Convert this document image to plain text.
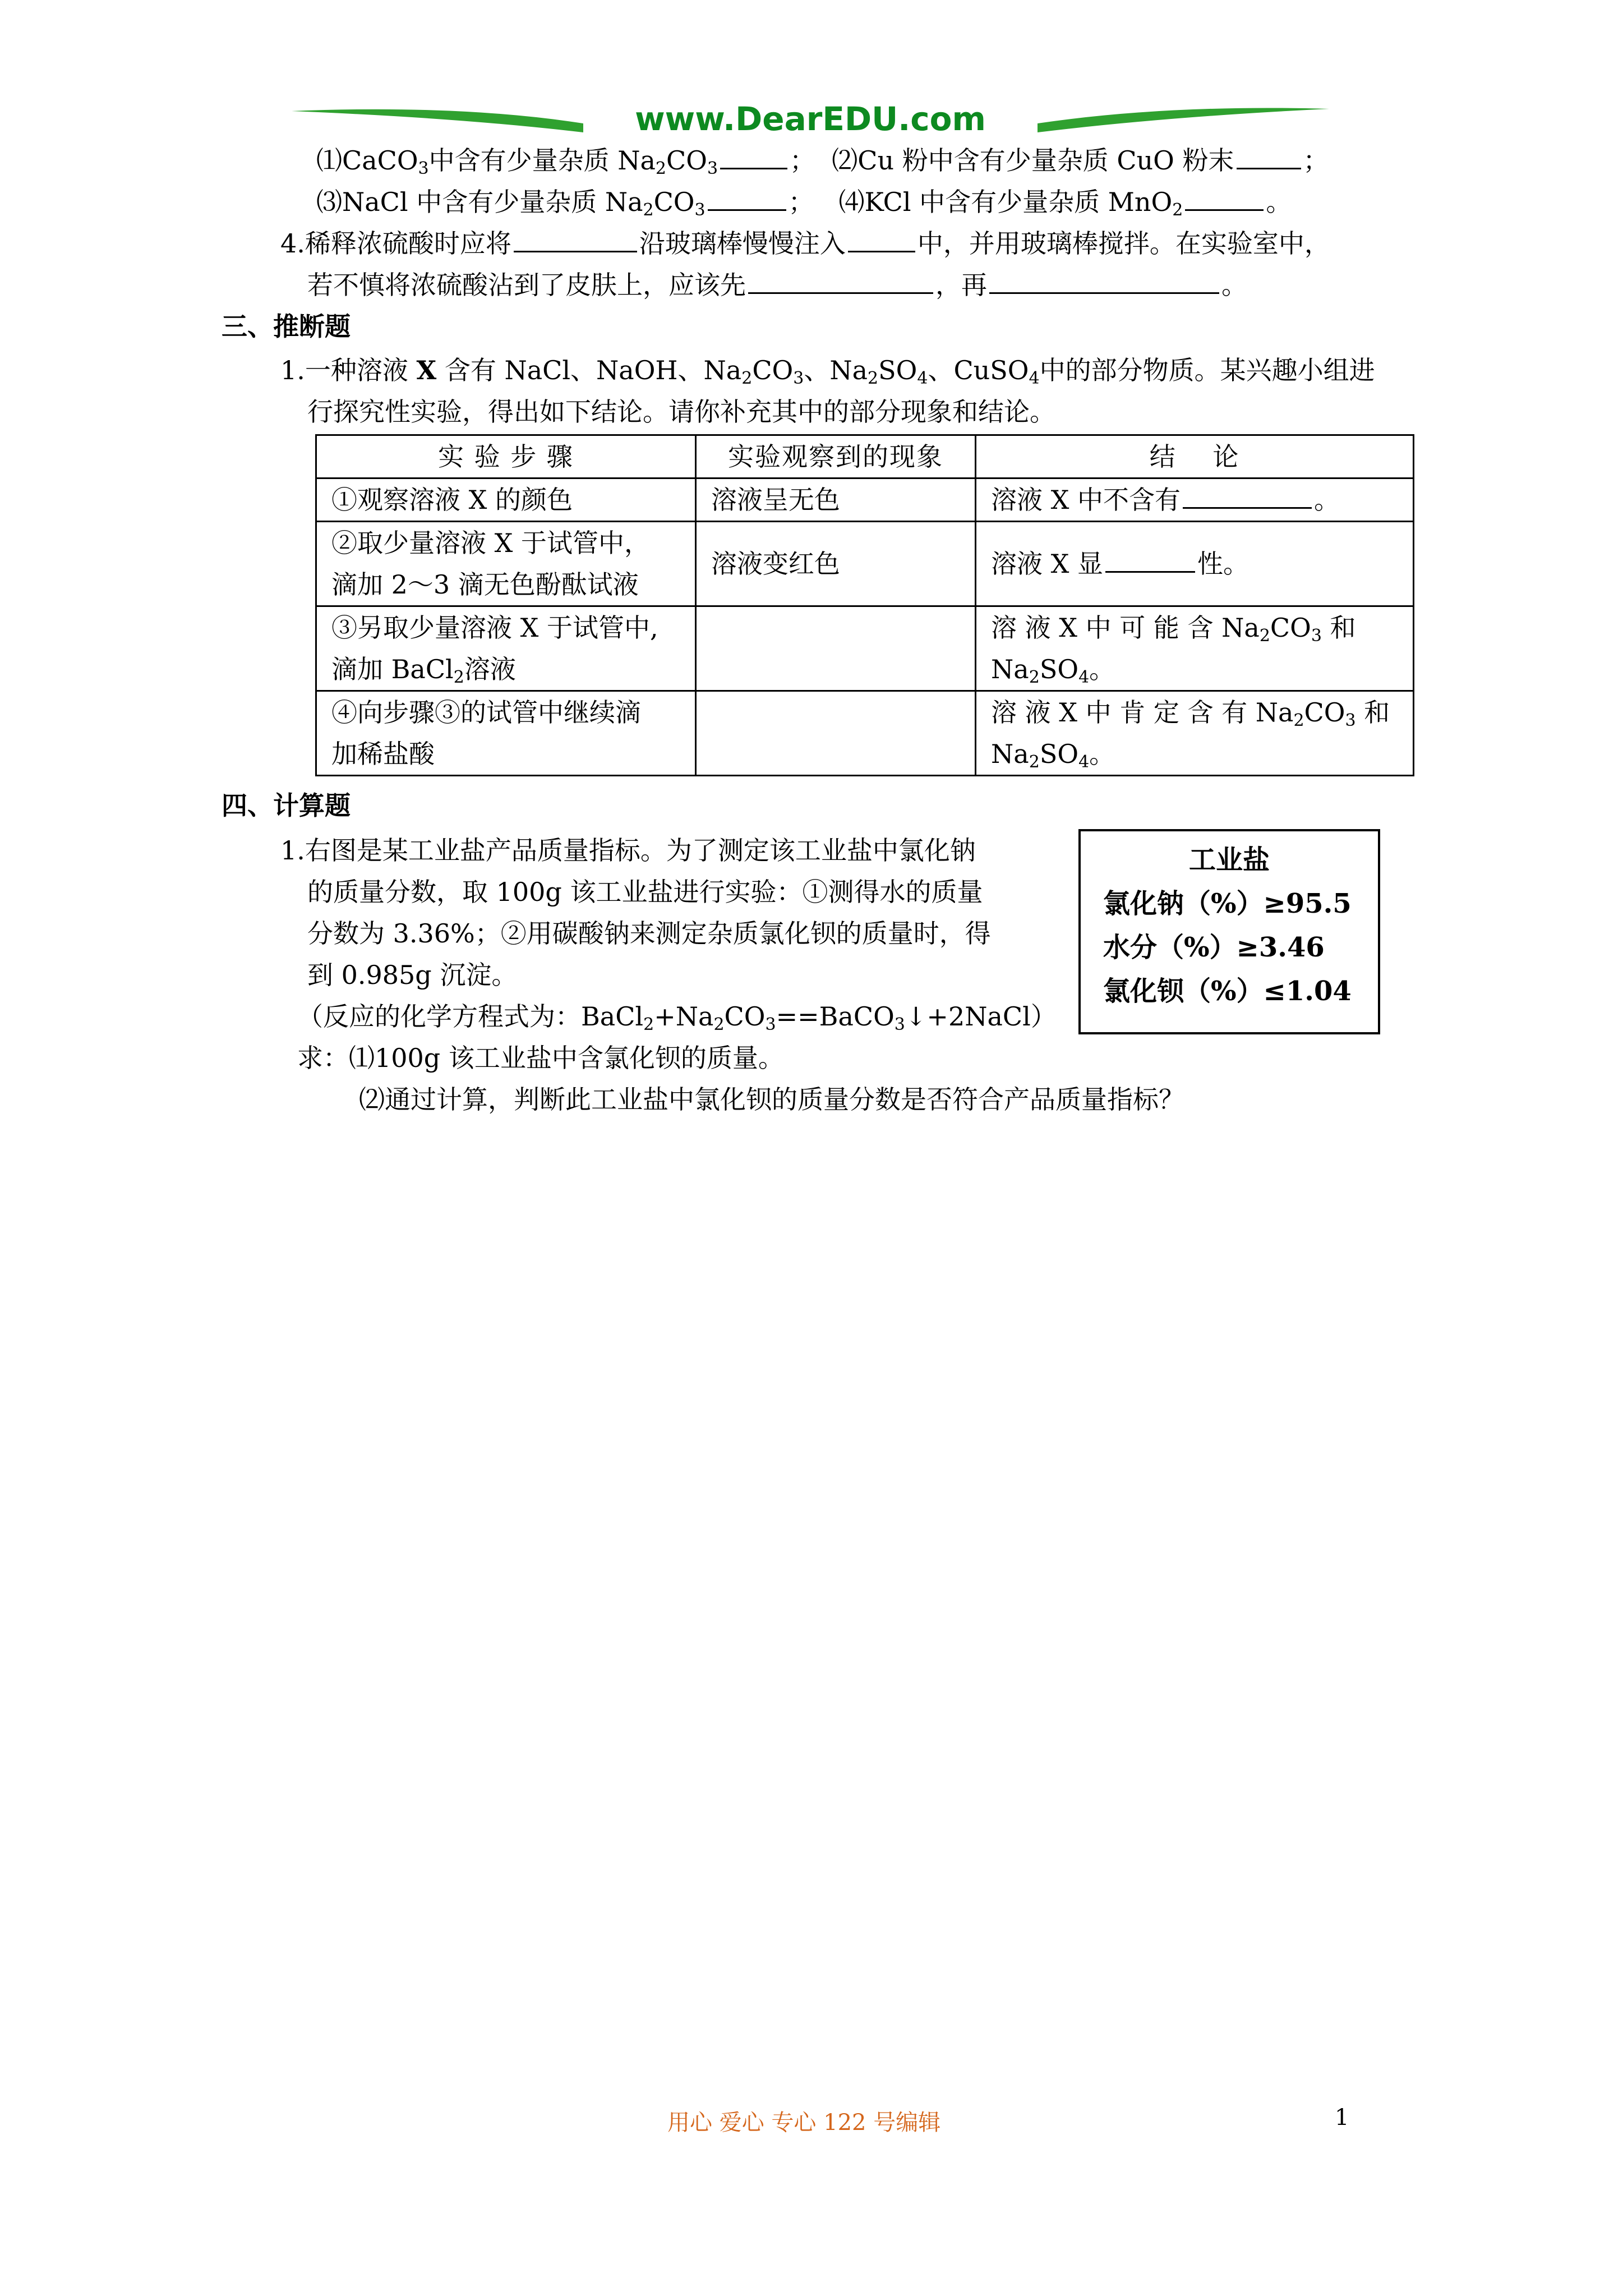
www.DearEDU.com
⑴CaCO$_3$中含有少量杂质 $Na_2CO_3$	； ⑵Cu 粉中含有少量杂质 CuO 粉末	；
⑶NaCl 中含有少量杂质 $Na_2CO_3$	； ⑷KCl 中含有少量杂质 MnO$_2$	。
4.稀释浓硫酸时应将	沿玻璃棒慢慢注入	中，并用玻璃棒搅拌。在实验室中，
若不慎将浓硫酸沾到了皮肤上，应该先	，再	。
三、推断题
1.一种溶液 X 含有 NaCl、NaOH、$Na_2CO_3$、$Na_2SO_4$、CuSO$_4$中的部分物质。某兴趣小组进
行探究性实验，得出如下结论。请你补充其中的部分现象和结论。
实 验 步 骤	实验观察到的现象	结　 论
①观察溶液 X 的颜色	溶液呈无色	溶液 X 中不含有 。
②取少量溶液 X 于试管中，
滴加 2～3 滴无色酚酞试液	溶液变红色	溶液 X 显 性。
③另取少量溶液 X 于试管中,
滴加 BaCl$_2$溶液		溶 液 X 中 可 能 含 $Na_2CO_3$ 和
$Na_2SO_4$。
④向步骤③的试管中继续滴
加稀盐酸		溶 液 X 中 肯 定 含 有 $Na_2CO_3$ 和
$Na_2SO_4$。
四、计算题
1.右图是某工业盐产品质量指标。为了测定该工业盐中氯化钠
的质量分数，取 100g 该工业盐进行实验：①测得水的质量
分数为 3.36%；②用碳酸钠来测定杂质氯化钡的质量时，得
到 0.985g 沉淀。
（反应的化学方程式为：$BaCl_2+Na_2CO_3==BaCO_3↓+2NaCl$）
求：⑴100g 该工业盐中含氯化钡的质量。
⑵通过计算，判断此工业盐中氯化钡的质量分数是否符合产品质量指标？
工业盐
氯化钠（%）≥95.5
水分（%）≥3.46
氯化钡（%）≤1.04
用心 爱心 专心 122 号编辑	1
